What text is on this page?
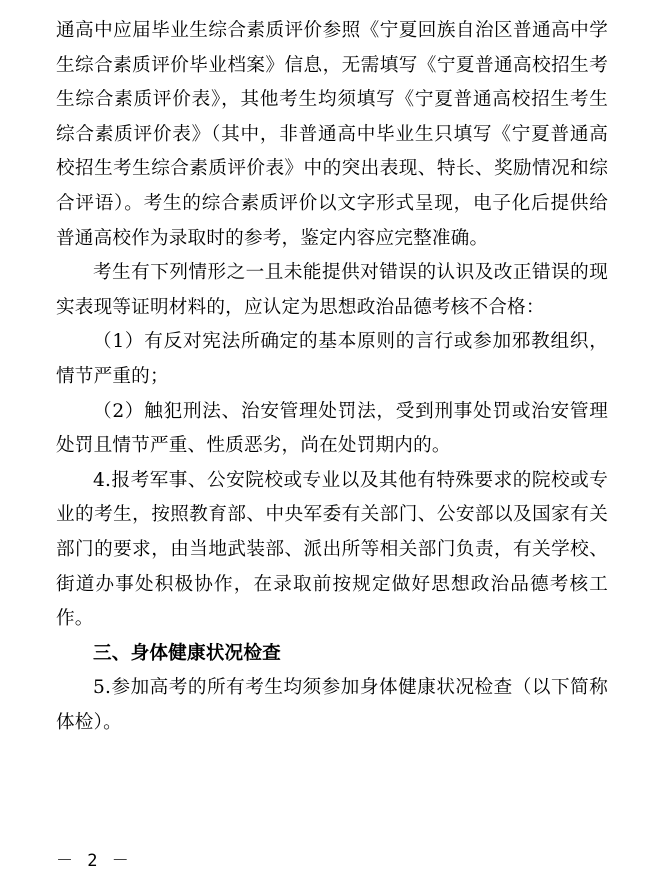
通高中应届毕业生综合素质评价参照《宁夏回族自治区普通高中学生综合素质评价毕业档案》信息，无需填写《宁夏普通高校招生考生综合素质评价表》，其他考生均须填写《宁夏普通高校招生考生综合素质评价表》（其中，非普通高中毕业生只填写《宁夏普通高校招生考生综合素质评价表》中的突出表现、特长、奖励情况和综合评语）。考生的综合素质评价以文字形式呈现，电子化后提供给普通高校作为录取时的参考，鉴定内容应完整准确。

考生有下列情形之一且未能提供对错误的认识及改正错误的现实表现等证明材料的，应认定为思想政治品德考核不合格：

（1）有反对宪法所确定的基本原则的言行或参加邪教组织，情节严重的；

（2）触犯刑法、治安管理处罚法，受到刑事处罚或治安管理处罚且情节严重、性质恶劣，尚在处罚期内的。

4.报考军事、公安院校或专业以及其他有特殊要求的院校或专业的考生，按照教育部、中央军委有关部门、公安部以及国家有关部门的要求，由当地武装部、派出所等相关部门负责，有关学校、街道办事处积极协作，在录取前按规定做好思想政治品德考核工作。

三、身体健康状况检查

5.参加高考的所有考生均须参加身体健康状况检查（以下简称体检）。

－ 2 －
